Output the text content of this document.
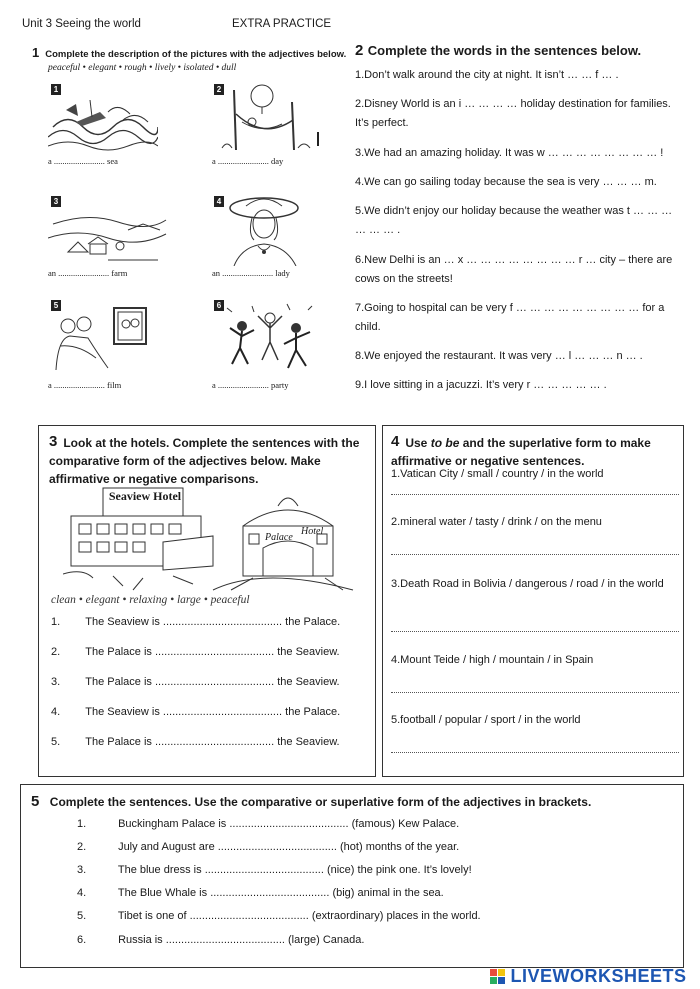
Unit 3 Seeing the world	EXTRA PRACTICE
1 Complete the description of the pictures with the adjectives below.
peaceful • elegant • rough • lively • isolated • dull
1
a ........................ sea
2
a ........................ day
3
an ........................ farm
4
an ........................ lady
5
a ........................ film
6
a ........................ party
2 Complete the words in the sentences below.
1.Don’t walk around the city at night. It isn’t … … f … .
2.Disney World is an i … … … … holiday destination for families. It’s perfect.
3.We had an amazing holiday. It was w … … … … … … … … !
4.We can go sailing today because the sea is very … … … m.
5.We didn’t enjoy our holiday because the weather was t … … … … … … .
6.New Delhi is an … x … … … … … … … … r … city – there are cows on the streets!
7.Going to hospital can be very f … … … … … … … … … for a child.
8.We enjoyed the restaurant. It was very … l … … … n … .
9.I love sitting in a jacuzzi. It’s very r … … … … … .
3 Look at the hotels. Complete the sentences with the comparative form of the adjectives below. Make affirmative or negative comparisons.
Seaview Hotel
Palace
Hotel
clean • elegant • relaxing • large • peaceful
1. The Seaview is ....................................... the Palace.
2. The Palace is ....................................... the Seaview.
3. The Palace is ....................................... the Seaview.
4. The Seaview is ....................................... the Palace.
5. The Palace is ....................................... the Seaview.
4 Use to be and the superlative form to make affirmative or negative sentences.
1.Vatican City / small / country / in the world
2.mineral water / tasty / drink / on the menu
3.Death Road in Bolivia / dangerous / road / in the world
4.Mount Teide / high / mountain / in Spain
5.football / popular / sport / in the world
5 Complete the sentences. Use the comparative or superlative form of the adjectives in brackets.
1.	Buckingham Palace is ....................................... (famous) Kew Palace.
2.	July and August are ....................................... (hot) months of the year.
3.	The blue dress is ....................................... (nice) the pink one. It’s lovely!
4.	The Blue Whale is ....................................... (big) animal in the sea.
5.	Tibet is one of ....................................... (extraordinary) places in the world.
6.	Russia is ....................................... (large) Canada.
LIVEWORKSHEETS
